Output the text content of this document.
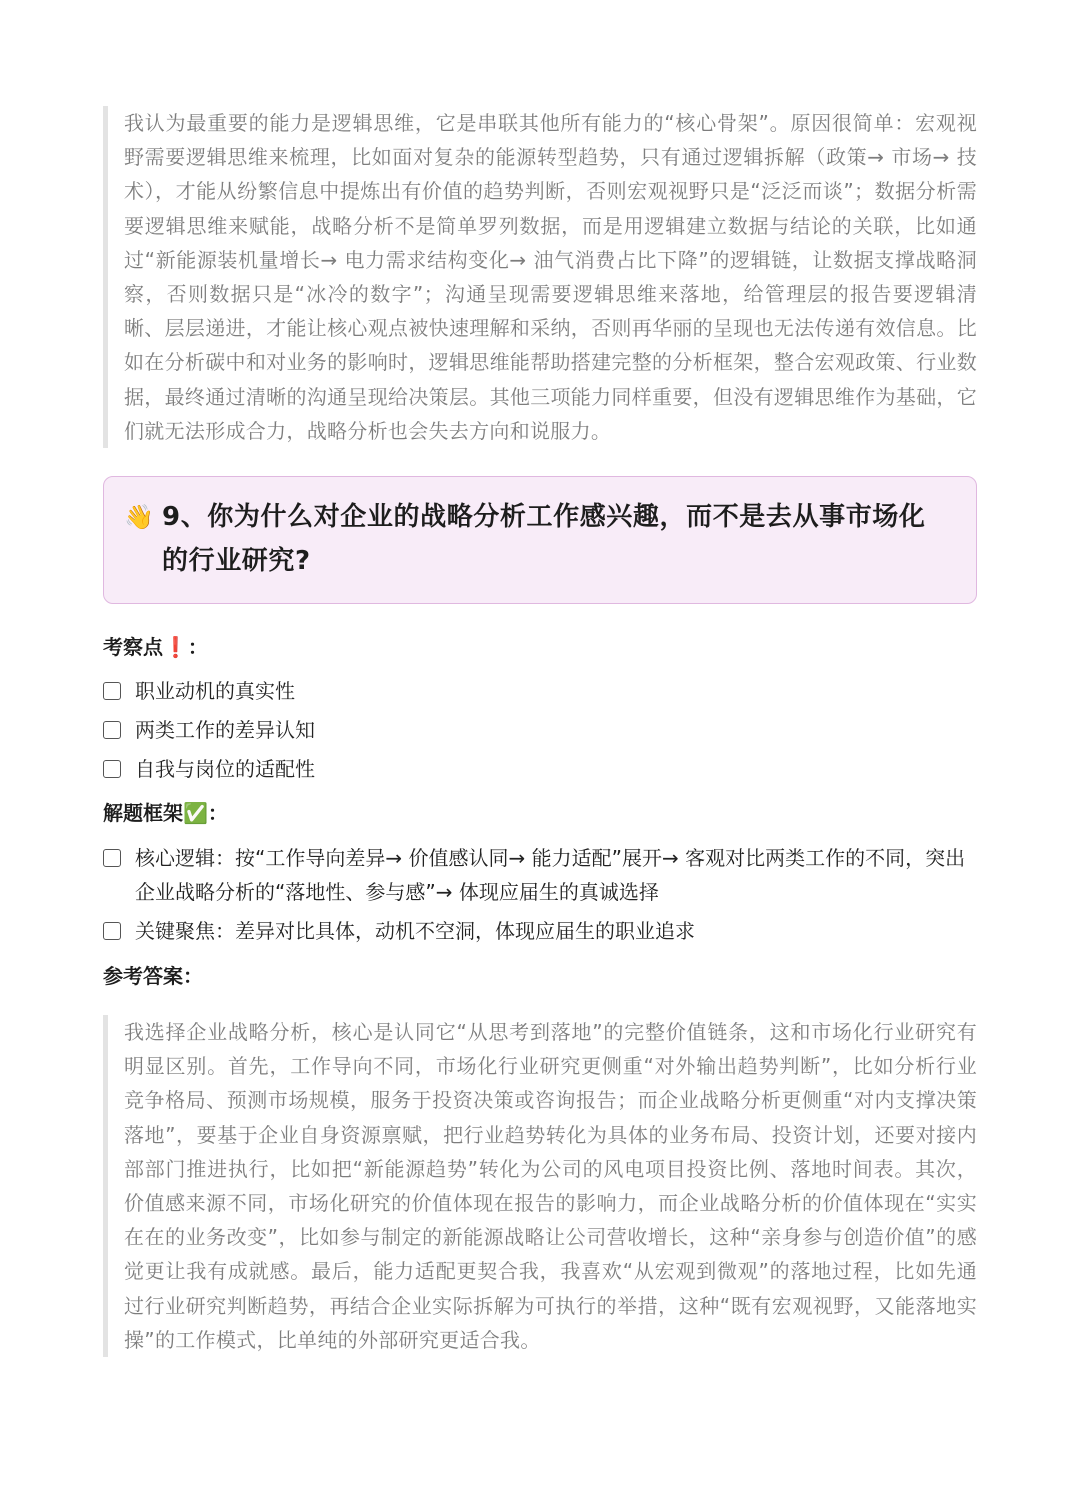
我认为最重要的能力是逻辑思维，它是串联其他所有能力的“核心骨架”。原因很简单：宏观视野需要逻辑思维来梳理，比如面对复杂的能源转型趋势，只有通过逻辑拆解（政策→ 市场→ 技术），才能从纷繁信息中提炼出有价值的趋势判断，否则宏观视野只是“泛泛而谈”；数据分析需要逻辑思维来赋能，战略分析不是简单罗列数据，而是用逻辑建立数据与结论的关联，比如通过“新能源装机量增长→ 电力需求结构变化→ 油气消费占比下降”的逻辑链，让数据支撑战略洞察，否则数据只是“冰冷的数字”；沟通呈现需要逻辑思维来落地，给管理层的报告要逻辑清晰、层层递进，才能让核心观点被快速理解和采纳，否则再华丽的呈现也无法传递有效信息。比如在分析碳中和对业务的影响时，逻辑思维能帮助搭建完整的分析框架，整合宏观政策、行业数据，最终通过清晰的沟通呈现给决策层。其他三项能力同样重要，但没有逻辑思维作为基础，它们就无法形成合力，战略分析也会失去方向和说服力。

👋 9、你为什么对企业的战略分析工作感兴趣，而不是去从事市场化的行业研究?
考察点❗：
职业动机的真实性
两类工作的差异认知
自我与岗位的适配性
解题框架✅：
核心逻辑：按“工作导向差异→ 价值感认同→ 能力适配”展开→ 客观对比两类工作的不同，突出企业战略分析的“落地性、参与感”→ 体现应届生的真诚选择
关键聚焦：差异对比具体，动机不空洞，体现应届生的职业追求
参考答案：

我选择企业战略分析，核心是认同它“从思考到落地”的完整价值链条，这和市场化行业研究有明显区别。首先，工作导向不同，市场化行业研究更侧重“对外输出趋势判断”，比如分析行业竞争格局、预测市场规模，服务于投资决策或咨询报告；而企业战略分析更侧重“对内支撑决策落地”，要基于企业自身资源禀赋，把行业趋势转化为具体的业务布局、投资计划，还要对接内部部门推进执行，比如把“新能源趋势”转化为公司的风电项目投资比例、落地时间表。其次，价值感来源不同，市场化研究的价值体现在报告的影响力，而企业战略分析的价值体现在“实实在在的业务改变”，比如参与制定的新能源战略让公司营收增长，这种“亲身参与创造价值”的感觉更让我有成就感。最后，能力适配更契合我，我喜欢“从宏观到微观”的落地过程，比如先通过行业研究判断趋势，再结合企业实际拆解为可执行的举措，这种“既有宏观视野，又能落地实操”的工作模式，比单纯的外部研究更适合我。
